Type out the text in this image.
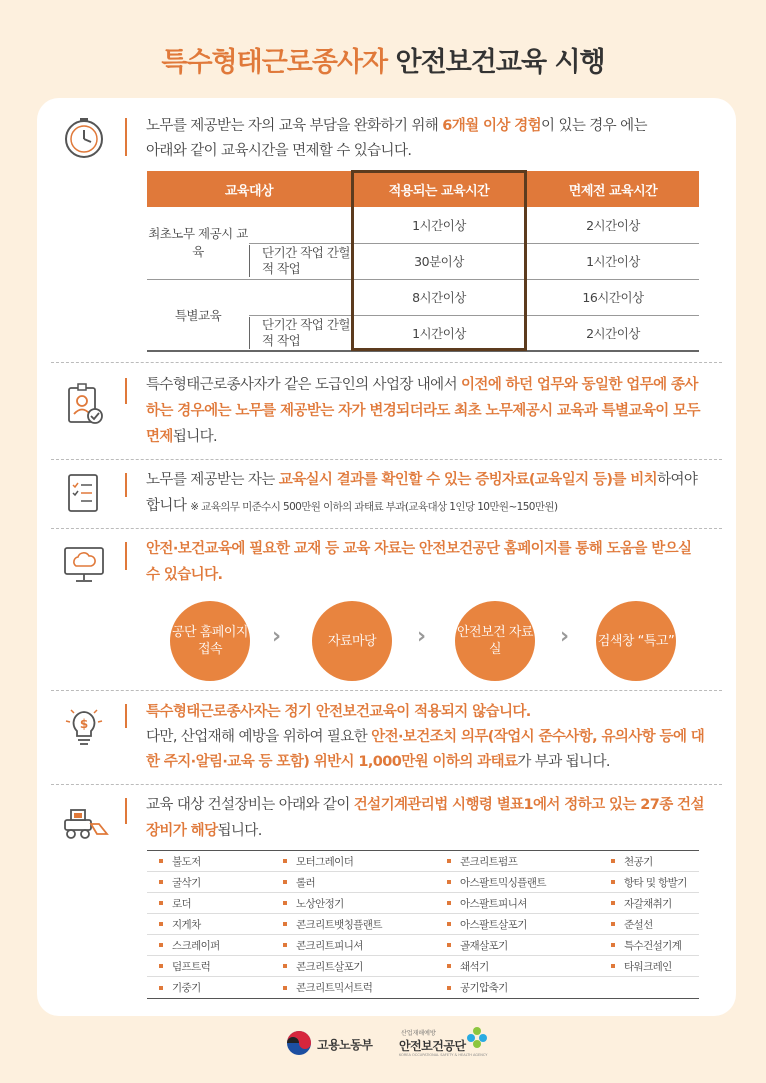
특수형태근로종사자 안전보건교육 시행
노무를 제공받는 자의 교육 부담을 완화하기 위해 6개월 이상 경험이 있는 경우 에는
아래와 같이 교육시간을 면제할 수 있습니다.
교육대상		적용되는 교육시간	면제전 교육시간
최초노무 제공시 교육		1시간이상	2시간이상
	단기간 작업 간헐적 작업	30분이상	1시간이상
특별교육		8시간이상	16시간이상
	단기간 작업 간헐적 작업	1시간이상	2시간이상
특수형태근로종사자가 같은 도급인의 사업장 내에서 이전에 하던 업무와 동일한 업무에 종사하는 경우에는 노무를 제공받는 자가 변경되더라도 최초 노무제공시 교육과 특별교육이 모두 면제됩니다.
노무를 제공받는 자는 교육실시 결과를 확인할 수 있는 증빙자료(교육일지 등)를 비치하여야 합니다 ※ 교육의무 미준수시 500만원 이하의 과태료 부과(교육대상 1인당 10만원~150만원)
안전·보건교육에 필요한 교재 등 교육 자료는 안전보건공단 홈페이지를 통해 도움을 받으실 수 있습니다.
공단 홈페이지 접속
›	자료마당	› 안전보건 자료실
› 검색창 “특고”
$
특수형태근로종사자는 정기 안전보건교육이 적용되지 않습니다.
다만, 산업재해 예방을 위하여 필요한 안전·보건조치 의무(작업시 준수사항, 유의사항 등에 대한 주지·알림·교육 등 포함) 위반시 1,000만원 이하의 과태료가 부과 됩니다.
교육 대상 건설장비는 아래와 같이 건설기계관리법 시행령 별표1에서 정하고 있는 27종 건설장비가 해당됩니다.
불도저	모터그레이더	콘크리트펌프	천공기
굴삭기	롤러	아스팔트믹싱플랜트	항타 및 항발기
로더	노상안정기	아스팔트피니셔	자갈채취기
지게차	콘크리트뱃칭플랜트	아스팔트살포기	준설선
스크레이퍼	콘크리트피니셔	골재살포기	특수건설기계
덤프트럭	콘크리트살포기	쇄석기	타워크레인
기중기	콘크리트믹서트럭	공기압축기
고용노동부
산업재해예방
안전보건공단
KOREA OCCUPATIONAL SAFETY & HEALTH AGENCY
